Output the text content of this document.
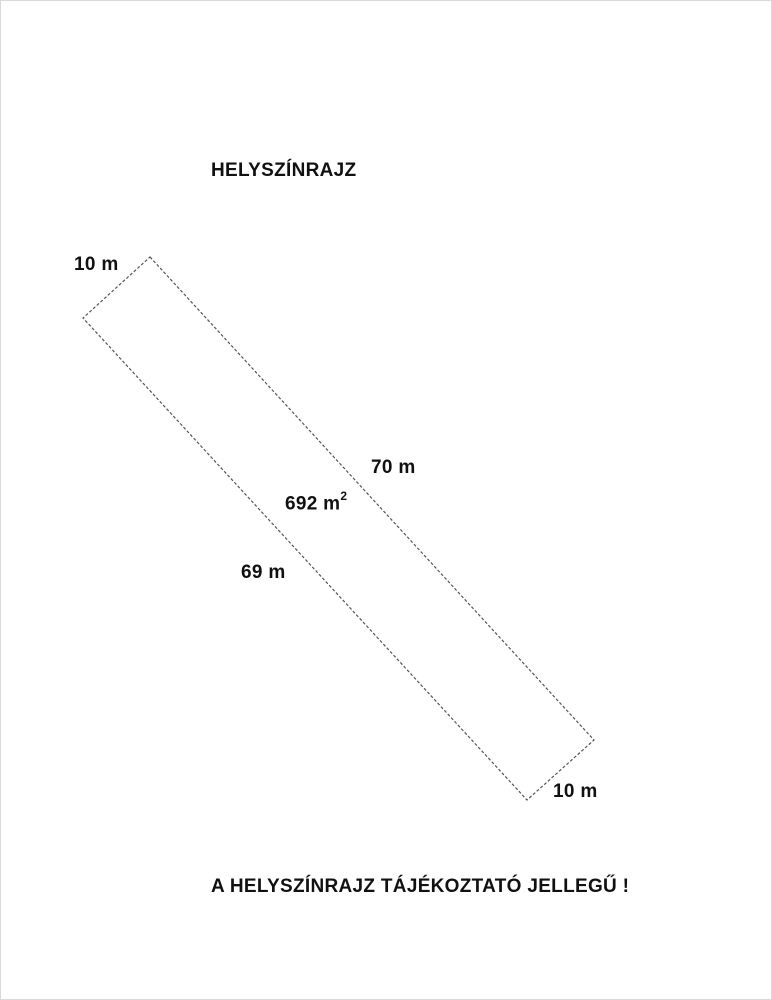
HELYSZÍNRAJZ
10 m
70 m
692 $m^2$
69 m
10 m
A HELYSZÍNRAJZ TÁJÉKOZTATÓ JELLEGŰ !
